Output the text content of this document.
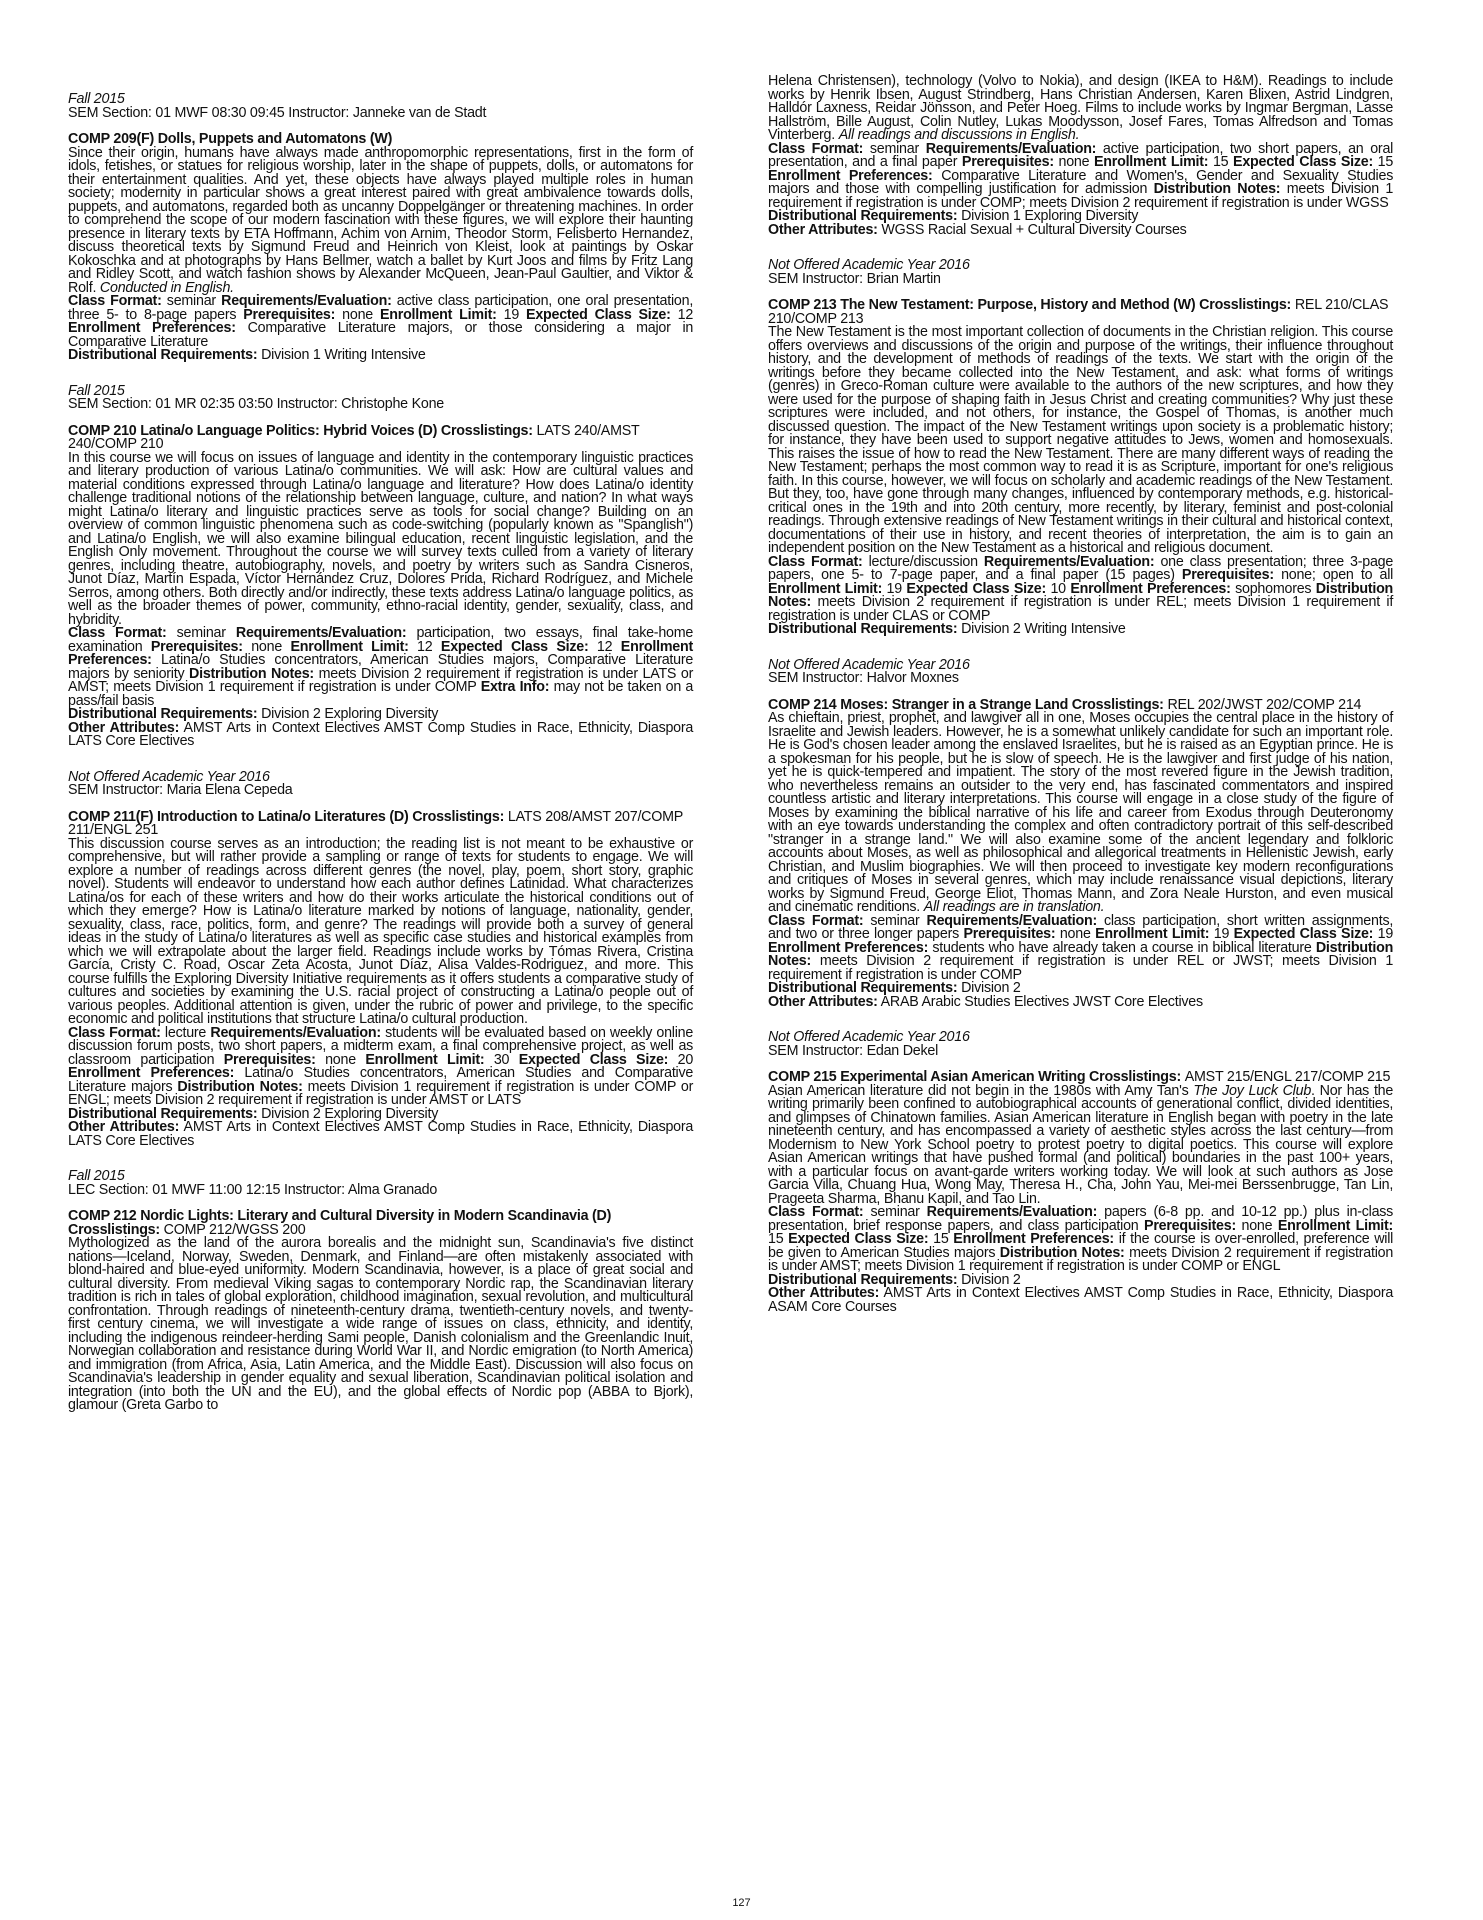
Fall 2015
SEM Section: 01 MWF 08:30 09:45 Instructor: Janneke van de Stadt
COMP 209(F) Dolls, Puppets and Automatons (W)
Since their origin, humans have always made anthropomorphic representations, first in the form of idols, fetishes, or statues for religious worship, later in the shape of puppets, dolls, or automatons for their entertainment qualities. And yet, these objects have always played multiple roles in human society; modernity in particular shows a great interest paired with great ambivalence towards dolls, puppets, and automatons, regarded both as uncanny Doppelgänger or threatening machines. In order to comprehend the scope of our modern fascination with these figures, we will explore their haunting presence in literary texts by ETA Hoffmann, Achim von Arnim, Theodor Storm, Felisberto Hernandez, discuss theoretical texts by Sigmund Freud and Heinrich von Kleist, look at paintings by Oskar Kokoschka and at photographs by Hans Bellmer, watch a ballet by Kurt Joos and films by Fritz Lang and Ridley Scott, and watch fashion shows by Alexander McQueen, Jean-Paul Gaultier, and Viktor & Rolf. Conducted in English.
Class Format: seminar Requirements/Evaluation: active class participation, one oral presentation, three 5- to 8-page papers Prerequisites: none Enrollment Limit: 19 Expected Class Size: 12 Enrollment Preferences: Comparative Literature majors, or those considering a major in Comparative Literature
Distributional Requirements: Division 1 Writing Intensive
Fall 2015
SEM Section: 01 MR 02:35 03:50 Instructor: Christophe Kone
COMP 210 Latina/o Language Politics: Hybrid Voices (D) Crosslistings: LATS 240/AMST 240/COMP 210
In this course we will focus on issues of language and identity in the contemporary linguistic practices and literary production of various Latina/o communities. We will ask: How are cultural values and material conditions expressed through Latina/o language and literature? How does Latina/o identity challenge traditional notions of the relationship between language, culture, and nation? In what ways might Latina/o literary and linguistic practices serve as tools for social change? Building on an overview of common linguistic phenomena such as code-switching (popularly known as "Spanglish") and Latina/o English, we will also examine bilingual education, recent linguistic legislation, and the English Only movement. Throughout the course we will survey texts culled from a variety of literary genres, including theatre, autobiography, novels, and poetry by writers such as Sandra Cisneros, Junot Díaz, Martín Espada, Víctor Hernández Cruz, Dolores Prida, Richard Rodríguez, and Michele Serros, among others. Both directly and/or indirectly, these texts address Latina/o language politics, as well as the broader themes of power, community, ethno-racial identity, gender, sexuality, class, and hybridity.
Class Format: seminar Requirements/Evaluation: participation, two essays, final take-home examination Prerequisites: none Enrollment Limit: 12 Expected Class Size: 12 Enrollment Preferences: Latina/o Studies concentrators, American Studies majors, Comparative Literature majors by seniority Distribution Notes: meets Division 2 requirement if registration is under LATS or AMST; meets Division 1 requirement if registration is under COMP Extra Info: may not be taken on a pass/fail basis
Distributional Requirements: Division 2 Exploring Diversity
Other Attributes: AMST Arts in Context Electives AMST Comp Studies in Race, Ethnicity, Diaspora LATS Core Electives
Not Offered Academic Year 2016
SEM Instructor: Maria Elena Cepeda
COMP 211(F) Introduction to Latina/o Literatures (D) Crosslistings: LATS 208/AMST 207/COMP 211/ENGL 251
This discussion course serves as an introduction; the reading list is not meant to be exhaustive or comprehensive, but will rather provide a sampling or range of texts for students to engage. We will explore a number of readings across different genres (the novel, play, poem, short story, graphic novel). Students will endeavor to understand how each author defines Latinidad. What characterizes Latina/os for each of these writers and how do their works articulate the historical conditions out of which they emerge? How is Latina/o literature marked by notions of language, nationality, gender, sexuality, class, race, politics, form, and genre? The readings will provide both a survey of general ideas in the study of Latina/o literatures as well as specific case studies and historical examples from which we will extrapolate about the larger field. Readings include works by Tómas Rivera, Cristina García, Cristy C. Road, Oscar Zeta Acosta, Junot Díaz, Alisa Valdes-Rodriguez, and more. This course fulfills the Exploring Diversity Initiative requirements as it offers students a comparative study of cultures and societies by examining the U.S. racial project of constructing a Latina/o people out of various peoples. Additional attention is given, under the rubric of power and privilege, to the specific economic and political institutions that structure Latina/o cultural production.
Class Format: lecture Requirements/Evaluation: students will be evaluated based on weekly online discussion forum posts, two short papers, a midterm exam, a final comprehensive project, as well as classroom participation Prerequisites: none Enrollment Limit: 30 Expected Class Size: 20 Enrollment Preferences: Latina/o Studies concentrators, American Studies and Comparative Literature majors Distribution Notes: meets Division 1 requirement if registration is under COMP or ENGL; meets Division 2 requirement if registration is under AMST or LATS
Distributional Requirements: Division 2 Exploring Diversity
Other Attributes: AMST Arts in Context Electives AMST Comp Studies in Race, Ethnicity, Diaspora LATS Core Electives
Fall 2015
LEC Section: 01 MWF 11:00 12:15 Instructor: Alma Granado
COMP 212 Nordic Lights: Literary and Cultural Diversity in Modern Scandinavia (D)
Crosslistings: COMP 212/WGSS 200
Mythologized as the land of the aurora borealis and the midnight sun, Scandinavia's five distinct nations—Iceland, Norway, Sweden, Denmark, and Finland—are often mistakenly associated with blond-haired and blue-eyed uniformity. Modern Scandinavia, however, is a place of great social and cultural diversity. From medieval Viking sagas to contemporary Nordic rap, the Scandinavian literary tradition is rich in tales of global exploration, childhood imagination, sexual revolution, and multicultural confrontation. Through readings of nineteenth-century drama, twentieth-century novels, and twenty-first century cinema, we will investigate a wide range of issues on class, ethnicity, and identity, including the indigenous reindeer-herding Sami people, Danish colonialism and the Greenlandic Inuit, Norwegian collaboration and resistance during World War II, and Nordic emigration (to North America) and immigration (from Africa, Asia, Latin America, and the Middle East). Discussion will also focus on Scandinavia's leadership in gender equality and sexual liberation, Scandinavian political isolation and integration (into both the UN and the EU), and the global effects of Nordic pop (ABBA to Bjork), glamour (Greta Garbo to
Helena Christensen), technology (Volvo to Nokia), and design (IKEA to H&M). Readings to include works by Henrik Ibsen, August Strindberg, Hans Christian Andersen, Karen Blixen, Astrid Lindgren, Halldór Laxness, Reidar Jönsson, and Peter Hoeg. Films to include works by Ingmar Bergman, Lasse Hallström, Bille August, Colin Nutley, Lukas Moodysson, Josef Fares, Tomas Alfredson and Tomas Vinterberg. All readings and discussions in English.
Class Format: seminar Requirements/Evaluation: active participation, two short papers, an oral presentation, and a final paper Prerequisites: none Enrollment Limit: 15 Expected Class Size: 15 Enrollment Preferences: Comparative Literature and Women's, Gender and Sexuality Studies majors and those with compelling justification for admission Distribution Notes: meets Division 1 requirement if registration is under COMP; meets Division 2 requirement if registration is under WGSS
Distributional Requirements: Division 1 Exploring Diversity
Other Attributes: WGSS Racial Sexual + Cultural Diversity Courses
Not Offered Academic Year 2016
SEM Instructor: Brian Martin
COMP 213 The New Testament: Purpose, History and Method (W) Crosslistings: REL 210/CLAS 210/COMP 213
The New Testament is the most important collection of documents in the Christian religion. This course offers overviews and discussions of the origin and purpose of the writings, their influence throughout history, and the development of methods of readings of the texts. We start with the origin of the writings before they became collected into the New Testament, and ask: what forms of writings (genres) in Greco-Roman culture were available to the authors of the new scriptures, and how they were used for the purpose of shaping faith in Jesus Christ and creating communities? Why just these scriptures were included, and not others, for instance, the Gospel of Thomas, is another much discussed question. The impact of the New Testament writings upon society is a problematic history; for instance, they have been used to support negative attitudes to Jews, women and homosexuals. This raises the issue of how to read the New Testament. There are many different ways of reading the New Testament; perhaps the most common way to read it is as Scripture, important for one's religious faith. In this course, however, we will focus on scholarly and academic readings of the New Testament. But they, too, have gone through many changes, influenced by contemporary methods, e.g. historical-critical ones in the 19th and into 20th century, more recently, by literary, feminist and post-colonial readings. Through extensive readings of New Testament writings in their cultural and historical context, documentations of their use in history, and recent theories of interpretation, the aim is to gain an independent position on the New Testament as a historical and religious document.
Class Format: lecture/discussion Requirements/Evaluation: one class presentation; three 3-page papers, one 5- to 7-page paper, and a final paper (15 pages) Prerequisites: none; open to all Enrollment Limit: 19 Expected Class Size: 10 Enrollment Preferences: sophomores Distribution Notes: meets Division 2 requirement if registration is under REL; meets Division 1 requirement if registration is under CLAS or COMP
Distributional Requirements: Division 2 Writing Intensive
Not Offered Academic Year 2016
SEM Instructor: Halvor Moxnes
COMP 214 Moses: Stranger in a Strange Land Crosslistings: REL 202/JWST 202/COMP 214
As chieftain, priest, prophet, and lawgiver all in one, Moses occupies the central place in the history of Israelite and Jewish leaders. However, he is a somewhat unlikely candidate for such an important role. He is God's chosen leader among the enslaved Israelites, but he is raised as an Egyptian prince. He is a spokesman for his people, but he is slow of speech. He is the lawgiver and first judge of his nation, yet he is quick-tempered and impatient. The story of the most revered figure in the Jewish tradition, who nevertheless remains an outsider to the very end, has fascinated commentators and inspired countless artistic and literary interpretations. This course will engage in a close study of the figure of Moses by examining the biblical narrative of his life and career from Exodus through Deuteronomy with an eye towards understanding the complex and often contradictory portrait of this self-described "stranger in a strange land." We will also examine some of the ancient legendary and folkloric accounts about Moses, as well as philosophical and allegorical treatments in Hellenistic Jewish, early Christian, and Muslim biographies. We will then proceed to investigate key modern reconfigurations and critiques of Moses in several genres, which may include renaissance visual depictions, literary works by Sigmund Freud, George Eliot, Thomas Mann, and Zora Neale Hurston, and even musical and cinematic renditions. All readings are in translation.
Class Format: seminar Requirements/Evaluation: class participation, short written assignments, and two or three longer papers Prerequisites: none Enrollment Limit: 19 Expected Class Size: 19 Enrollment Preferences: students who have already taken a course in biblical literature Distribution Notes: meets Division 2 requirement if registration is under REL or JWST; meets Division 1 requirement if registration is under COMP
Distributional Requirements: Division 2
Other Attributes: ARAB Arabic Studies Electives JWST Core Electives
Not Offered Academic Year 2016
SEM Instructor: Edan Dekel
COMP 215 Experimental Asian American Writing Crosslistings: AMST 215/ENGL 217/COMP 215
Asian American literature did not begin in the 1980s with Amy Tan's The Joy Luck Club. Nor has the writing primarily been confined to autobiographical accounts of generational conflict, divided identities, and glimpses of Chinatown families. Asian American literature in English began with poetry in the late nineteenth century, and has encompassed a variety of aesthetic styles across the last century—from Modernism to New York School poetry to protest poetry to digital poetics. This course will explore Asian American writings that have pushed formal (and political) boundaries in the past 100+ years, with a particular focus on avant-garde writers working today. We will look at such authors as Jose Garcia Villa, Chuang Hua, Wong May, Theresa H., Cha, John Yau, Mei-mei Berssenbrugge, Tan Lin, Prageeta Sharma, Bhanu Kapil, and Tao Lin.
Class Format: seminar Requirements/Evaluation: papers (6-8 pp. and 10-12 pp.) plus in-class presentation, brief response papers, and class participation Prerequisites: none Enrollment Limit: 15 Expected Class Size: 15 Enrollment Preferences: if the course is over-enrolled, preference will be given to American Studies majors Distribution Notes: meets Division 2 requirement if registration is under AMST; meets Division 1 requirement if registration is under COMP or ENGL
Distributional Requirements: Division 2
Other Attributes: AMST Arts in Context Electives AMST Comp Studies in Race, Ethnicity, Diaspora ASAM Core Courses
127
